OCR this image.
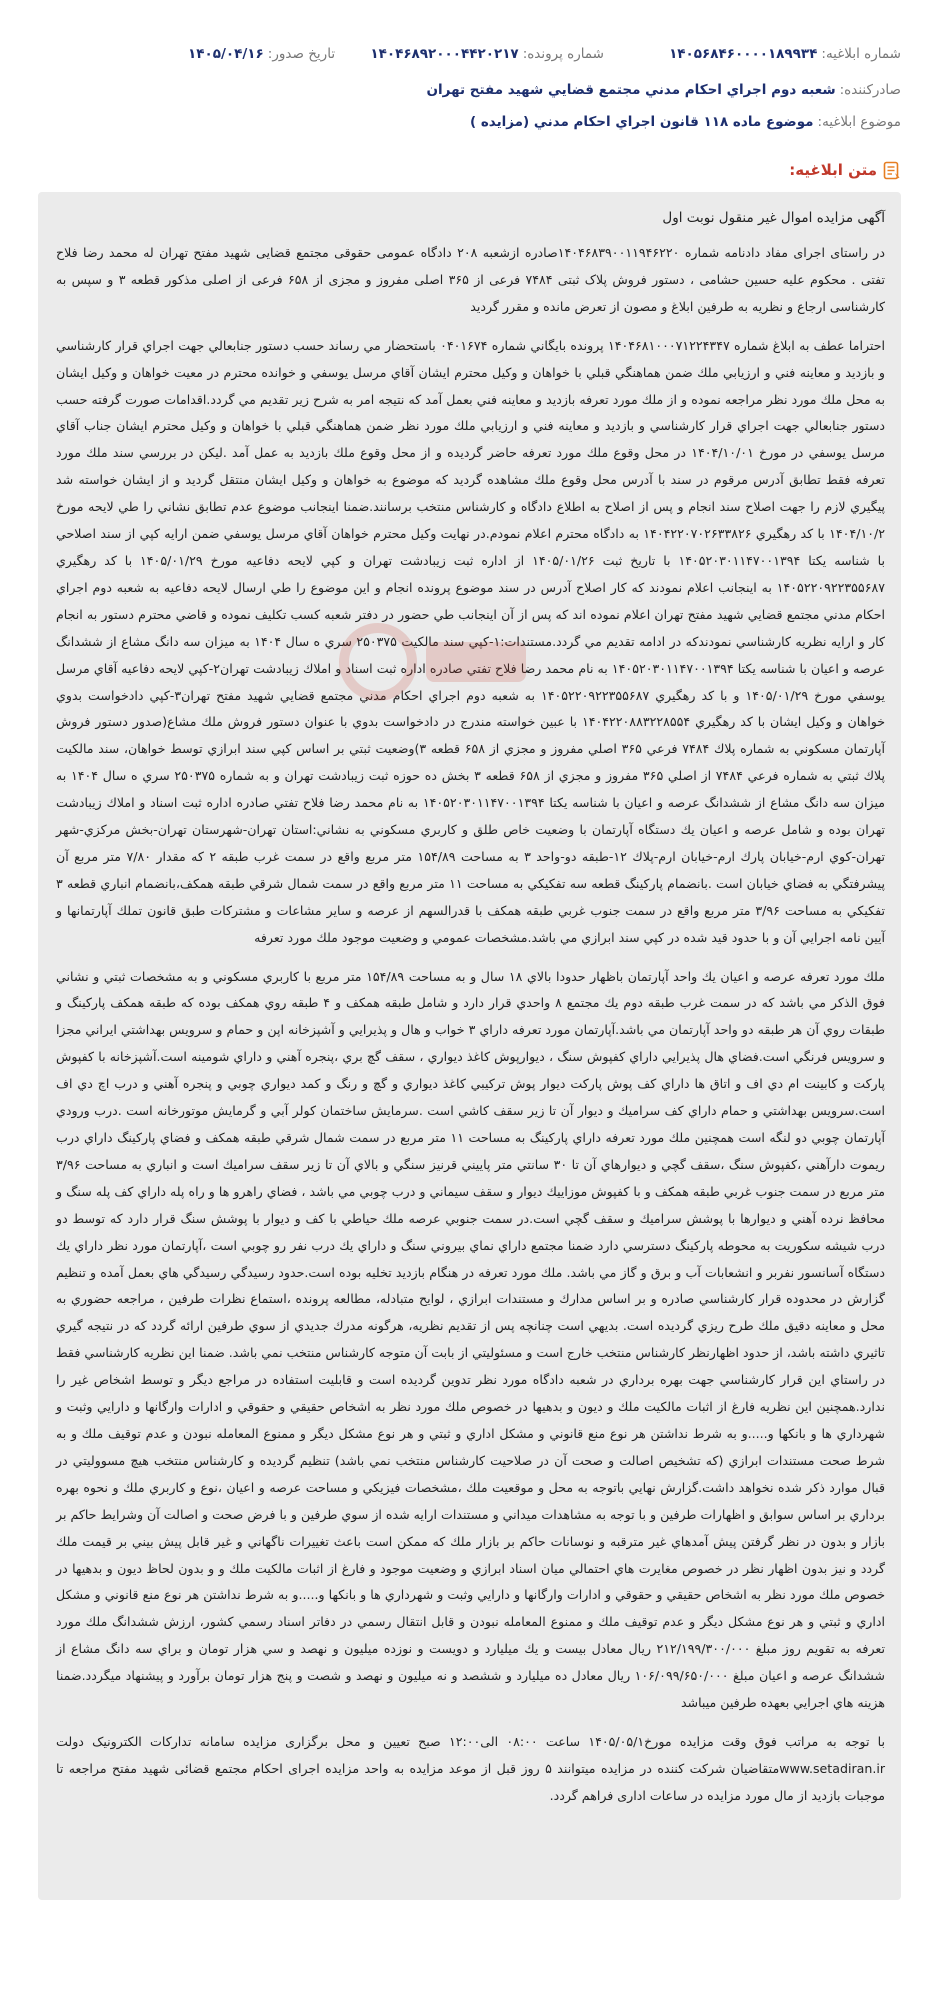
شماره ابلاغيه:۱۴۰۵۶۸۴۶۰۰۰۰۱۸۹۹۳۴
شماره پرونده:۱۴۰۴۶۸۹۲۰۰۰۴۴۲۰۲۱۷
تاریخ صدور:۱۴۰۵/۰۴/۱۶
صادرکننده:شعبه دوم اجراي احكام مدني مجتمع قضايي شهيد مفتح تهران
موضوع ابلاغيه:موضوع ماده ۱۱۸ قانون اجراي احكام مدني (مزايده )
متن ابلاغيه:
آگهی مزایده اموال غیر منقول نوبت اول

در راستای اجرای مفاد دادنامه شماره ۱۴۰۴۶۸۳۹۰۰۱۱۹۴۶۲۲۰صادره ازشعبه ۲۰۸ دادگاه عمومی حقوقی مجتمع قضایی شهید مفتح تهران له محمد رضا فلاح تفتی . محکوم علیه حسین حشامی ، دستور فروش پلاک ثبتی ۷۴۸۴ فرعی از ۳۶۵ اصلی مفروز و مجزی از ۶۵۸ فرعی از اصلی مذکور قطعه ۳ و سپس به کارشناسی ارجاع و نظریه به طرفین ابلاغ و مصون از تعرض مانده و مقرر گردید

احتراما عطف به ابلاغ شماره ۱۴۰۴۶۸۱۰۰۰۷۱۲۲۴۳۴۷ پرونده بايگاني شماره ۰۴۰۱۶۷۴ باستحضار مي رساند حسب دستور جنابعالي جهت اجراي قرار كارشناسي و بازديد و معاينه فني و ارزيابي ملك ضمن هماهنگي قبلي با خواهان و وكيل محترم ايشان آقاي مرسل يوسفي و خوانده محترم در معيت خواهان و وكيل ايشان به محل ملك مورد نظر مراجعه نموده و از ملك مورد تعرفه بازديد و معاينه فني بعمل آمد كه نتيجه امر به شرح زير تقديم مي گردد.اقدامات صورت گرفته حسب دستور جنابعالي جهت اجراي قرار كارشناسي و بازديد و معاينه فني و ارزيابي ملك مورد نظر ضمن هماهنگي قبلي با خواهان و وكيل محترم ايشان جناب آقاي مرسل يوسفي در مورخ ۱۴۰۴/۱۰/۰۱ در محل وقوع ملك مورد تعرفه حاضر گرديده و از محل وقوع ملك بازديد به عمل آمد .ليكن در بررسي سند ملك مورد تعرفه فقط تطابق آدرس مرقوم در سند با آدرس محل وقوع ملك مشاهده گرديد كه موضوع به خواهان و وكيل ايشان منتقل گرديد و از ايشان خواسته شد پيگيري لازم را جهت اصلاح سند انجام و پس از اصلاح به اطلاع دادگاه و كارشناس منتخب برسانند.ضمنا اينجانب موضوع عدم تطابق نشاني را طي لايحه مورخ ۱۴۰۴/۱۰/۲ با كد رهگيري ۱۴۰۴۲۲۰۷۰۲۶۳۳۸۲۶ به دادگاه محترم اعلام نمودم.در نهايت وكيل محترم خواهان آقاي مرسل يوسفي ضمن ارايه كپي از سند اصلاحي با شناسه يكتا ۱۴۰۵۲۰۳۰۱۱۴۷۰۰۱۳۹۴ با تاريخ ثبت ۱۴۰۵/۰۱/۲۶ از اداره ثبت زيبادشت تهران و كپي لايحه دفاعيه مورخ ۱۴۰۵/۰۱/۲۹ با كد رهگيري ۱۴۰۵۲۲۰۹۲۲۳۵۵۶۸۷ به اينجانب اعلام نمودند كه كار اصلاح آدرس در سند موضوع پرونده انجام و اين موضوع را طي ارسال لايحه دفاعيه به شعبه دوم اجراي احكام مدني مجتمع قضايي شهيد مفتح تهران اعلام نموده اند كه پس از آن اينجانب طي حضور در دفتر شعبه كسب تكليف نموده و قاضي محترم دستور به انجام كار و ارايه نظريه كارشناسي نمودندكه در ادامه تقديم مي گردد.مستندات:۱-كپي سند مالكيت ۲۵۰۳۷۵ سري ه سال ۱۴۰۴ به ميزان سه دانگ مشاع از ششدانگ عرصه و اعيان با شناسه يكتا ۱۴۰۵۲۰۳۰۱۱۴۷۰۰۱۳۹۴ به نام محمد رضا فلاح تفتي صادره اداره ثبت اسناد و املاك زيبادشت تهران۲-كپي لايحه دفاعيه آقاي مرسل يوسفي مورخ ۱۴۰۵/۰۱/۲۹ و با كد رهگيري ۱۴۰۵۲۲۰۹۲۲۳۵۵۶۸۷ به شعبه دوم اجراي احكام مدني مجتمع قضايي شهيد مفتح تهران۳-كپي دادخواست بدوي خواهان و وكيل ايشان با كد رهگيري ۱۴۰۴۲۲۰۸۸۳۲۲۸۵۵۴ با عبين خواسته مندرج در دادخواست بدوي با عنوان دستور فروش ملك مشاع(صدور دستور فروش آپارتمان مسكوني به شماره پلاك ۷۴۸۴ فرعي ۳۶۵ اصلي مفروز و مجزي از ۶۵۸ قطعه ۳)وضعيت ثبتي بر اساس كپي سند ابرازي توسط خواهان، سند مالكيت پلاك ثبتي به شماره فرعي ۷۴۸۴ از اصلي ۳۶۵ مفروز و مجزي از ۶۵۸ قطعه ۳ بخش ده حوزه ثبت زيبادشت تهران و به شماره ۲۵۰۳۷۵ سري ه سال ۱۴۰۴ به ميزان سه دانگ مشاع از ششدانگ عرصه و اعيان با شناسه يكتا ۱۴۰۵۲۰۳۰۱۱۴۷۰۰۱۳۹۴ به نام محمد رضا فلاح تفتي صادره اداره ثبت اسناد و املاك زيبادشت تهران بوده و شامل عرصه و اعيان يك دستگاه آپارتمان با وضعيت خاص طلق و كاربري مسكوني به نشاني:استان تهران-شهرستان تهران-بخش مركزي-شهر تهران-كوي ارم-خيابان پارك ارم-خيابان ارم-پلاك ۱۲-طبقه دو-واحد ۳ به مساحت ۱۵۴/۸۹ متر مربع واقع در سمت غرب طبقه ۲ كه مقدار ۷/۸۰ متر مربع آن پيشرفتگي به فضاي خيابان است .بانضمام پاركينگ قطعه سه تفكيكي به مساحت ۱۱ متر مربع واقع در سمت شمال شرقي طبقه همكف،بانضمام انباري قطعه ۳ تفكيكي به مساحت ۳/۹۶ متر مربع واقع در سمت جنوب غربي طبقه همكف با قدرالسهم از عرصه و ساير مشاعات و مشتركات طبق قانون تملك آپارتمانها و آيين نامه اجرايي آن و با حدود قيد شده در كپي سند ابرازي مي باشد.مشخصات عمومي و وضعيت موجود ملك مورد تعرفه

ملك مورد تعرفه عرصه و اعيان يك واحد آپارتمان باظهار حدودا بالاي ۱۸ سال و به مساحت ۱۵۴/۸۹ متر مربع با كاربري مسكوني و به مشخصات ثبتي و نشاني فوق الذكر مي باشد كه در سمت غرب طبقه دوم يك مجتمع ۸ واحدي قرار دارد و شامل طبقه همكف و ۴ طبقه روي همكف بوده كه طبقه همكف پاركينگ و طبقات روي آن هر طبقه دو واحد آپارتمان مي باشد.آپارتمان مورد تعرفه داراي ۳ خواب و هال و پذيرايي و آشپزخانه اپن و حمام و سرويس بهداشتي ايراني مجزا و سرويس فرنگي است.فضاي هال پذيرايي داراي كفپوش سنگ ، ديوارپوش كاغذ ديواري ، سقف گچ بري ،پنجره آهني و داراي شومينه است.آشپزخانه با كفپوش پاركت و كابينت ام دي اف و اتاق ها داراي كف پوش پاركت ديوار پوش تركيبي كاغذ ديواري و گچ و رنگ و كمد ديواري چوبي و پنجره آهني و درب اچ دي اف است.سرويس بهداشتي و حمام داراي كف سراميك و ديوار آن تا زير سقف كاشي است .سرمايش ساختمان كولر آبي و گرمايش موتورخانه است .درب ورودي آپارتمان چوبي دو لنگه است همچنين ملك مورد تعرفه داراي پاركينگ به مساحت ۱۱ متر مربع در سمت شمال شرقي طبقه همكف و فضاي پاركينگ داراي درب ريموت دارآهني ،كفپوش سنگ ،سقف گچي و ديوارهاي آن تا ۳۰ سانتي متر پاييني قرنيز سنگي و بالاي آن تا زير سقف سراميك است و انباري به مساحت ۳/۹۶ متر مربع در سمت جنوب غربي طبقه همكف و با كفپوش موزاييك ديوار و سقف سيماني و درب چوبي مي باشد ، فضاي راهرو ها و راه پله داراي كف پله سنگ و محافظ نرده آهني و ديوارها با پوشش سراميك و سقف گچي است.در سمت جنوبي عرصه ملك حياطي با كف و ديوار با پوشش سنگ قرار دارد كه توسط دو درب شيشه سكوريت به محوطه پاركينگ دسترسي دارد ضمنا مجتمع داراي نماي بيروني سنگ و داراي يك درب نفر رو چوبي است ،آپارتمان مورد نظر داراي يك دستگاه آسانسور نفربر و انشعابات آب و برق و گاز مي باشد. ملك مورد تعرفه در هنگام بازديد تخليه بوده است.حدود رسيدگي رسيدگي هاي بعمل آمده و تنظيم گزارش در محدوده قرار كارشناسي صادره و بر اساس مدارك و مستندات ابرازي ، لوايح متبادله، مطالعه پرونده ،استماع نظرات طرفين ، مراجعه حضوري به محل و معاينه دقيق ملك طرح ريزي گرديده است. بديهي است چنانچه پس از تقديم نظريه، هرگونه مدرك جديدي از سوي طرفين ارائه گردد كه در نتيجه گيري تاثيري داشته باشد، از حدود اظهارنظر كارشناس منتخب خارج است و مسئوليتي از بابت آن متوجه كارشناس منتخب نمي باشد. ضمنا اين نظريه كارشناسي فقط در راستاي اين قرار كارشناسي جهت بهره برداري در شعبه دادگاه مورد نظر تدوين گرديده است و قابليت استفاده در مراجع ديگر و توسط اشخاص غير را ندارد.همچنين اين نظريه فارغ از اثبات مالكيت ملك و ديون و بدهيها در خصوص ملك مورد نظر به اشخاص حقيقي و حقوقي و ادارات وارگانها و دارايي وثبت و شهرداري ها و بانكها و.....و به شرط نداشتن هر نوع منع قانوني و مشكل اداري و ثبتي و هر نوع مشكل ديگر و ممنوع المعامله نبودن و عدم توقيف ملك و به شرط صحت مستندات ابرازي (كه تشخيص اصالت و صحت آن در صلاحيت كارشناس منتخب نمي باشد) تنظيم گرديده و كارشناس منتخب هيچ مسووليتي در قبال موارد ذكر شده نخواهد داشت.گزارش نهايي باتوجه به محل و موقعيت ملك ،مشخصات فيزيكي و مساحت عرصه و اعيان ،نوع و كاربري ملك و نحوه بهره برداري بر اساس سوابق و اظهارات طرفين و با توجه به مشاهدات ميداني و مستندات ارايه شده از سوي طرفين و با فرض صحت و اصالت آن وشرايط حاكم بر بازار و بدون در نظر گرفتن پيش آمدهاي غير مترقبه و نوسانات حاكم بر بازار ملك كه ممكن است باعث تغييرات ناگهاني و غير قابل پيش بيني بر قيمت ملك گردد و نيز بدون اظهار نظر در خصوص مغايرت هاي احتمالي ميان اسناد ابرازي و وضعيت موجود و فارغ از اثبات مالكيت ملك و و بدون لحاظ ديون و بدهيها در خصوص ملك مورد نظر به اشخاص حقيقي و حقوقي و ادارات وارگانها و دارايي وثبت و شهرداري ها و بانكها و.....و به شرط نداشتن هر نوع منع قانوني و مشكل اداري و ثبتي و هر نوع مشكل ديگر و عدم توقيف ملك و ممنوع المعامله نبودن و قابل انتقال رسمي در دفاتر اسناد رسمي كشور، ارزش ششدانگ ملك مورد تعرفه به تقويم روز مبلغ ۲۱۲/۱۹۹/۳۰۰/۰۰۰ ريال معادل بيست و يك ميليارد و دويست و نوزده ميليون و نهصد و سي هزار تومان و براي سه دانگ مشاع از ششدانگ عرصه و اعيان مبلغ ۱۰۶/۰۹۹/۶۵۰/۰۰۰ ريال معادل ده ميليارد و ششصد و نه ميليون و نهصد و شصت و پنج هزار تومان برآورد و پيشنهاد ميگردد.ضمنا هزينه هاي اجرايي بعهده طرفين ميباشد

با توجه به مراتب فوق وقت مزایده مورخ۱۴۰۵/۰۵/۱ ساعت ۰۸:۰۰ الی۱۲:۰۰ صبح تعیین و محل برگزاری مزایده سامانه تدارکات الکترونیک دولت www.setadiran.irمتقاضیان شرکت کننده در مزایده میتوانند ۵ روز قبل از موعد مزایده به واحد مزایده اجرای احکام مجتمع قضائی شهید مفتح مراجعه تا موجبات بازدید از مال مورد مزایده در ساعات اداری فراهم گردد.
